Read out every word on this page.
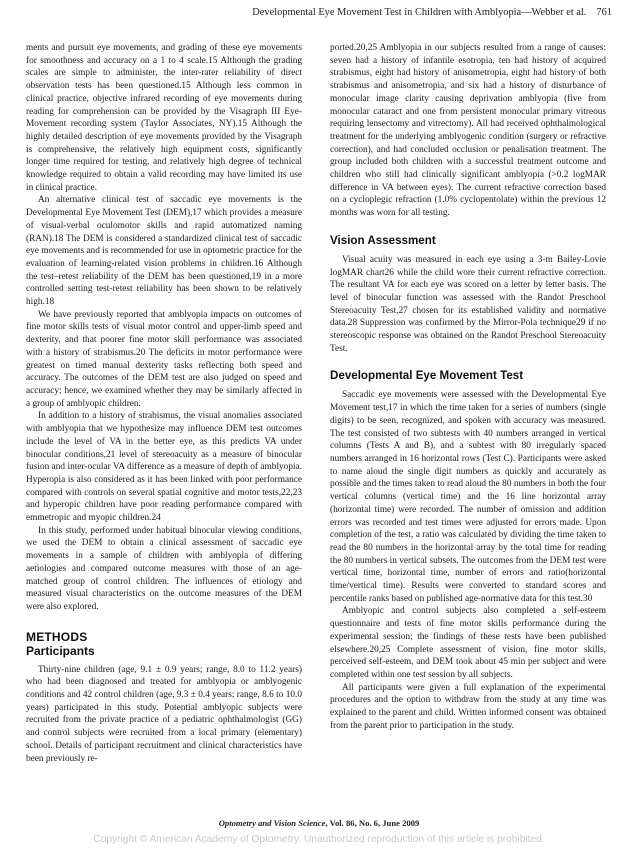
Developmental Eye Movement Test in Children with Amblyopia—Webber et al. 761

ments and pursuit eye movements, and grading of these eye movements for smoothness and accuracy on a 1 to 4 scale.15 Although the grading scales are simple to administer, the inter-rater reliability of direct observation tests has been questioned.15 Although less common in clinical practice, objective infrared recording of eye movements during reading for comprehension can be provided by the Visagraph III Eye-Movement recording system (Taylor Associates, NY).15 Although the highly detailed description of eye movements provided by the Visagraph is comprehensive, the relatively high equipment costs, significantly longer time required for testing, and relatively high degree of technical knowledge required to obtain a valid recording may have limited its use in clinical practice.

An alternative clinical test of saccadic eye movements is the Developmental Eye Movement Test (DEM),17 which provides a measure of visual-verbal oculomotor skills and rapid automatized naming (RAN).18 The DEM is considered a standardized clinical test of saccadic eye movements and is recommended for use in optometric practice for the evaluation of learning-related vision problems in children.16 Although the test–retest reliability of the DEM has been questioned,19 in a more controlled setting test-retest reliability has been shown to be relatively high.18

We have previously reported that amblyopia impacts on outcomes of fine motor skills tests of visual motor control and upper-limb speed and dexterity, and that poorer fine motor skill performance was associated with a history of strabismus.20 The deficits in motor performance were greatest on timed manual dexterity tasks reflecting both speed and accuracy. The outcomes of the DEM test are also judged on speed and accuracy; hence, we examined whether they may be similarly affected in a group of amblyopic children.

In addition to a history of strabismus, the visual anomalies associated with amblyopia that we hypothesize may influence DEM test outcomes include the level of VA in the better eye, as this predicts VA under binocular conditions,21 level of stereoacuity as a measure of binocular fusion and inter-ocular VA difference as a measure of depth of amblyopia. Hyperopia is also considered as it has been linked with poor performance compared with controls on several spatial cognitive and motor tests,22,23 and hyperopic children have poor reading performance compared with emmetropic and myopic children.24

In this study, performed under habitual binocular viewing conditions, we used the DEM to obtain a clinical assessment of saccadic eye movements in a sample of children with amblyopia of differing aetiologies and compared outcome measures with those of an age-matched group of control children. The influences of etiology and measured visual characteristics on the outcome measures of the DEM were also explored.

METHODS
Participants

Thirty-nine children (age, 9.1 ± 0.9 years; range, 8.0 to 11.2 years) who had been diagnosed and treated for amblyopia or amblyogenic conditions and 42 control children (age, 9.3 ± 0.4 years; range, 8.6 to 10.0 years) participated in this study. Potential amblyopic subjects were recruited from the private practice of a pediatric ophthalmologist (GG) and control subjects were recruited from a local primary (elementary) school. Details of participant recruitment and clinical characteristics have been previously re-

ported.20,25 Amblyopia in our subjects resulted from a range of causes: seven had a history of infantile esotropia, ten had history of acquired strabismus, eight had history of anisometropia, eight had history of both strabismus and anisometropia, and six had a history of disturbance of monocular image clarity causing deprivation amblyopia (five from monocular cataract and one from persistent monocular primary vitreous requiring lensectomy and vitrectomy). All had received ophthalmological treatment for the underlying amblyogenic condition (surgery or refractive correction), and had concluded occlusion or penalisation treatment. The group included both children with a successful treatment outcome and children who still had clinically significant amblyopia (>0.2 logMAR difference in VA between eyes). The current refractive correction based on a cycloplegic refraction (1.0% cyclopentolate) within the previous 12 months was worn for all testing.

Vision Assessment

Visual acuity was measured in each eye using a 3-m Bailey-Lovie logMAR chart26 while the child wore their current refractive correction. The resultant VA for each eye was scored on a letter by letter basis. The level of binocular function was assessed with the Randot Preschool Stereoacuity Test,27 chosen for its established validity and normative data.28 Suppression was confirmed by the Mirror-Pola technique29 if no stereoscopic response was obtained on the Randot Preschool Stereoacuity Test.

Developmental Eye Movement Test

Saccadic eye movements were assessed with the Developmental Eye Movement test,17 in which the time taken for a series of numbers (single digits) to be seen, recognized, and spoken with accuracy was measured. The test consisted of two subtests with 40 numbers arranged in vertical columns (Tests A and B), and a subtest with 80 irregularly spaced numbers arranged in 16 horizontal rows (Test C). Participants were asked to name aloud the single digit numbers as quickly and accurately as possible and the times taken to read aloud the 80 numbers in both the four vertical columns (vertical time) and the 16 line horizontal array (horizontal time) were recorded. The number of omission and addition errors was recorded and test times were adjusted for errors made. Upon completion of the test, a ratio was calculated by dividing the time taken to read the 80 numbers in the horizontal array by the total time for reading the 80 numbers in vertical subsets. The outcomes from the DEM test were vertical time, horizontal time, number of errors and ratio(horizontal time/vertical time). Results were converted to standard scores and percentile ranks based on published age-normative data for this test.30

Amblyopic and control subjects also completed a self-esteem questionnaire and tests of fine motor skills performance during the experimental session; the findings of these tests have been published elsewhere.20,25 Complete assessment of vision, fine motor skills, perceived self-esteem, and DEM took about 45 min per subject and were completed within one test session by all subjects.

All participants were given a full explanation of the experimental procedures and the option to withdraw from the study at any time was explained to the parent and child. Written informed consent was obtained from the parent prior to participation in the study.

Optometry and Vision Science, Vol. 86, No. 6, June 2009
Copyright © American Academy of Optometry. Unauthorized reproduction of this article is prohibited.
